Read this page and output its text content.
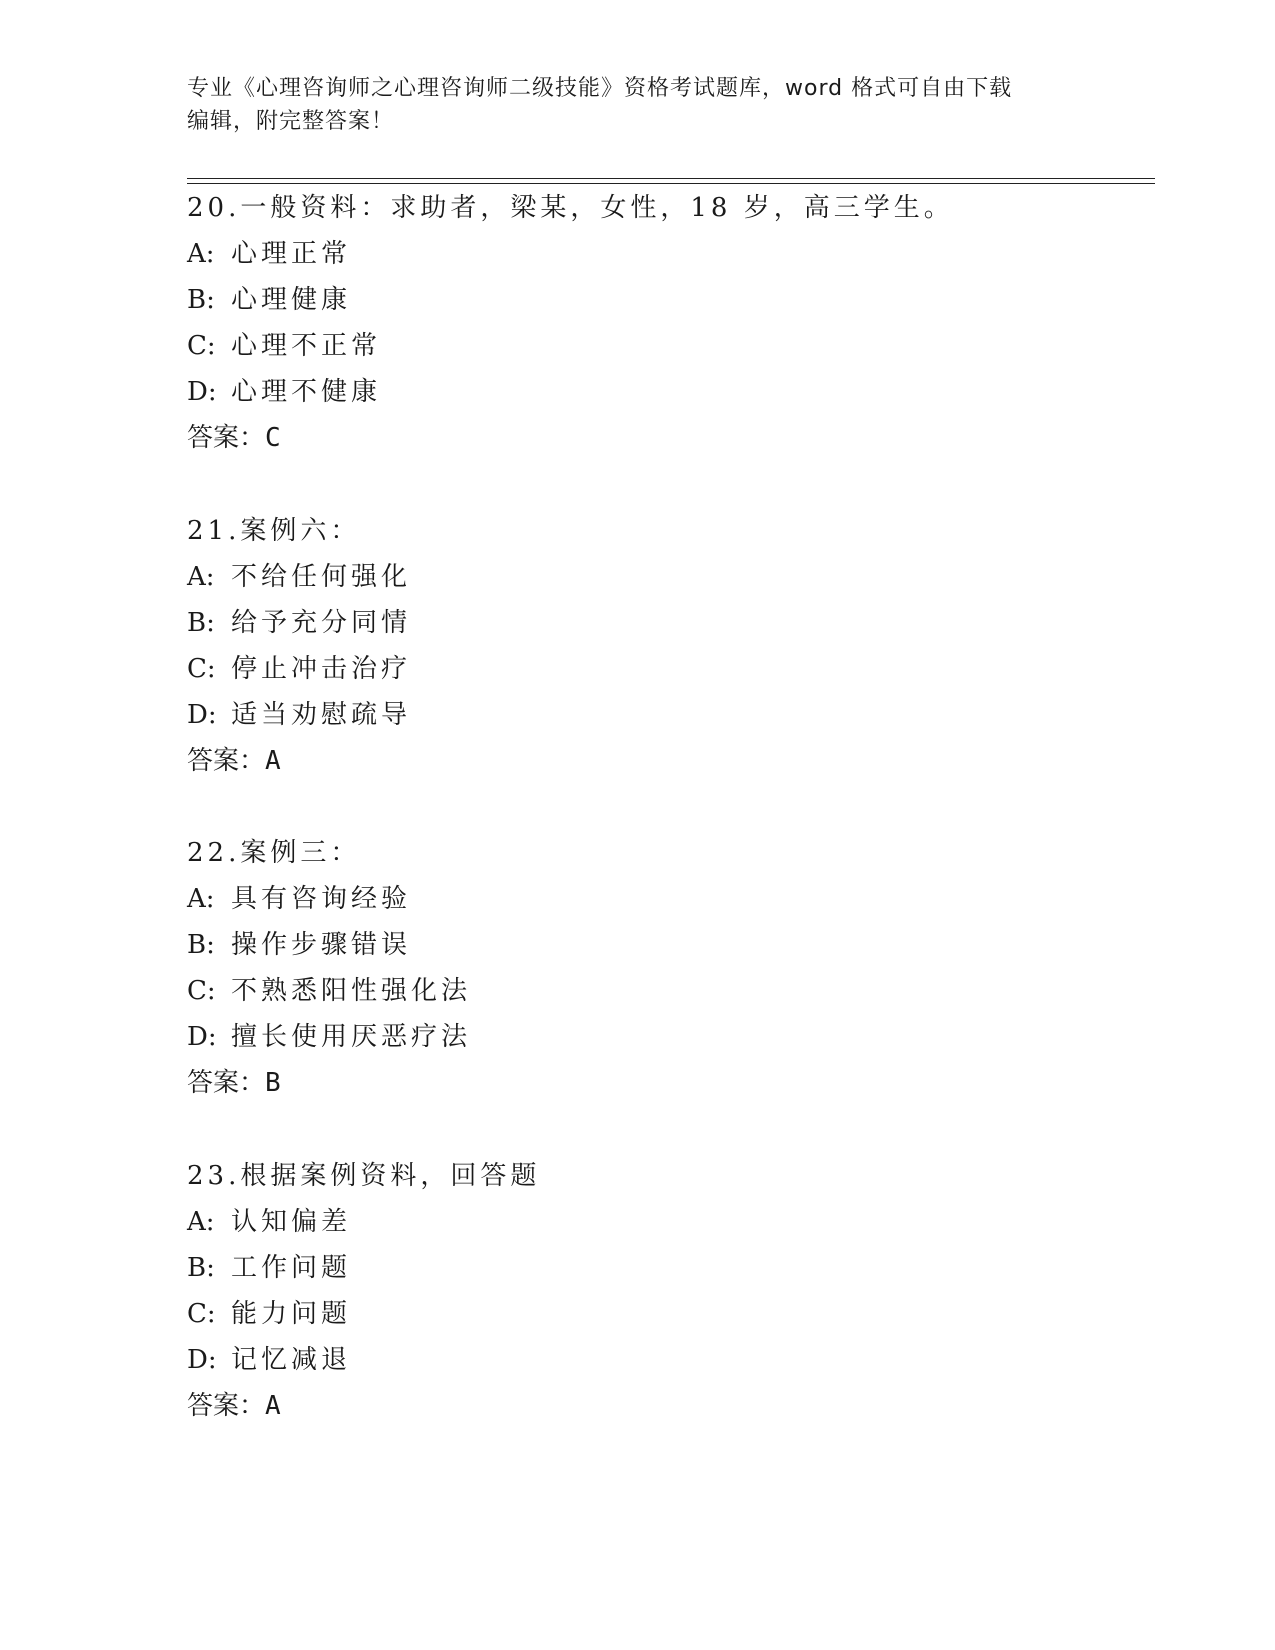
专业《心理咨询师之心理咨询师二级技能》资格考试题库，word 格式可自由下载
编辑，附完整答案！
20.一般资料：求助者，梁某，女性，18 岁，高三学生。
A: 心理正常
B: 心理健康
C: 心理不正常
D: 心理不健康
答案：C
21.案例六：
A: 不给任何强化
B: 给予充分同情
C: 停止冲击治疗
D: 适当劝慰疏导
答案：A
22.案例三：
A: 具有咨询经验
B: 操作步骤错误
C: 不熟悉阳性强化法
D: 擅长使用厌恶疗法
答案：B
23.根据案例资料，回答题
A: 认知偏差
B: 工作问题
C: 能力问题
D: 记忆减退
答案：A
